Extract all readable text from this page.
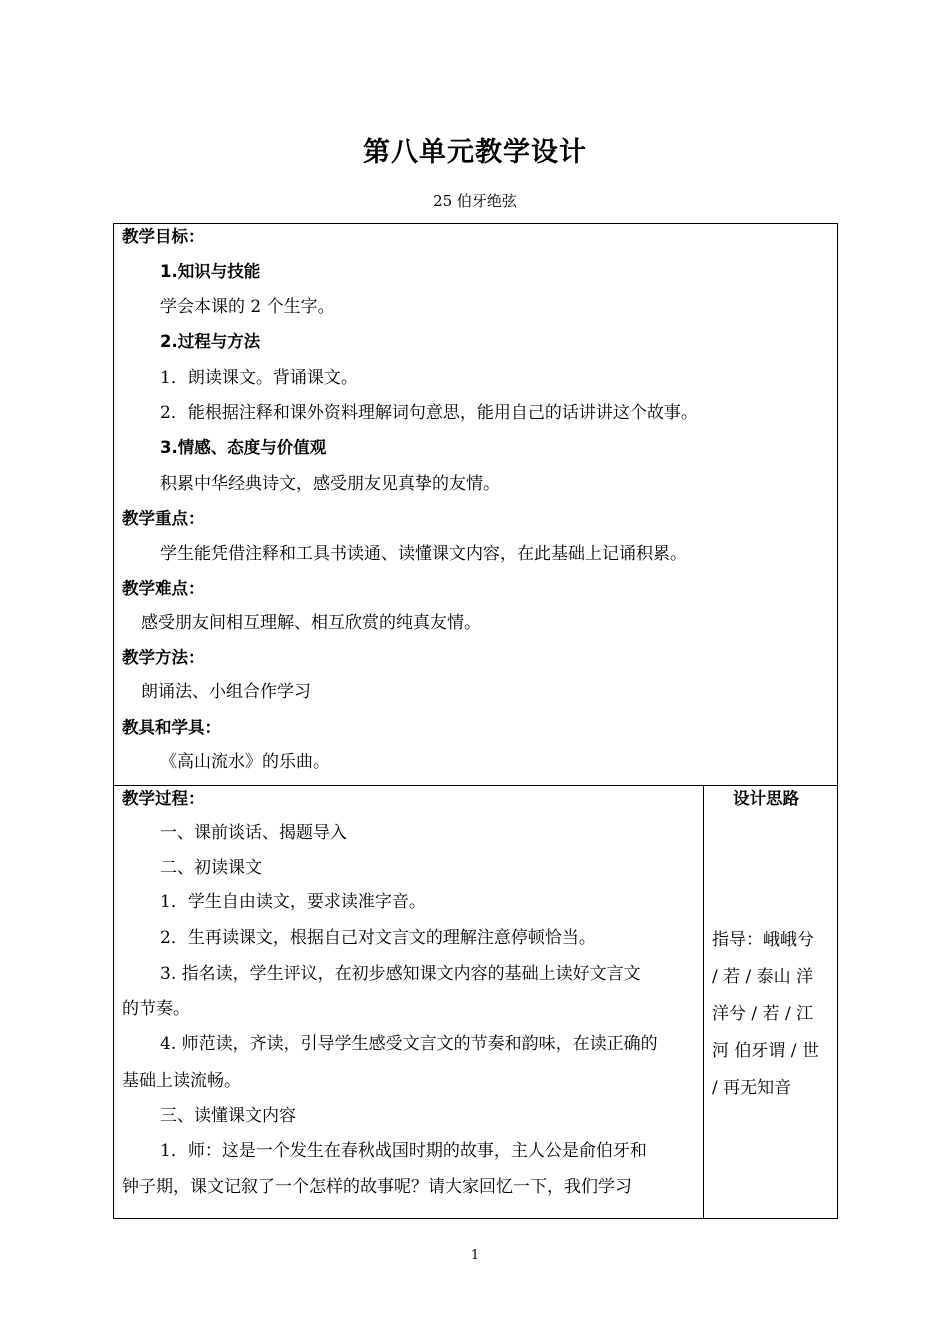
第八单元教学设计
25 伯牙绝弦
教学目标：
1.知识与技能
学会本课的 2 个生字。
2.过程与方法
1．朗读课文。背诵课文。
2．能根据注释和课外资料理解词句意思，能用自己的话讲讲这个故事。
3.情感、态度与价值观
积累中华经典诗文，感受朋友见真挚的友情。
教学重点：
学生能凭借注释和工具书读通、读懂课文内容，在此基础上记诵积累。
教学难点：
感受朋友间相互理解、相互欣赏的纯真友情。
教学方法：
朗诵法、小组合作学习
教具和学具：
《高山流水》的乐曲。
教学过程：	设计思路
一、课前谈话、揭题导入
二、初读课文
1．学生自由读文，要求读准字音。
2．生再读课文，根据自己对文言文的理解注意停顿恰当。
3. 指名读，学生评议，在初步感知课文内容的基础上读好文言文
的节奏。
4. 师范读，齐读，引导学生感受文言文的节奏和韵味，在读正确的
基础上读流畅。
三、读懂课文内容
1．师：这是一个发生在春秋战国时期的故事，主人公是俞伯牙和
钟子期，课文记叙了一个怎样的故事呢？请大家回忆一下，我们学习
指导：峨峨兮
/ 若 / 泰山 洋
洋兮 / 若 / 江
河 伯牙谓 / 世
/ 再无知音
1
